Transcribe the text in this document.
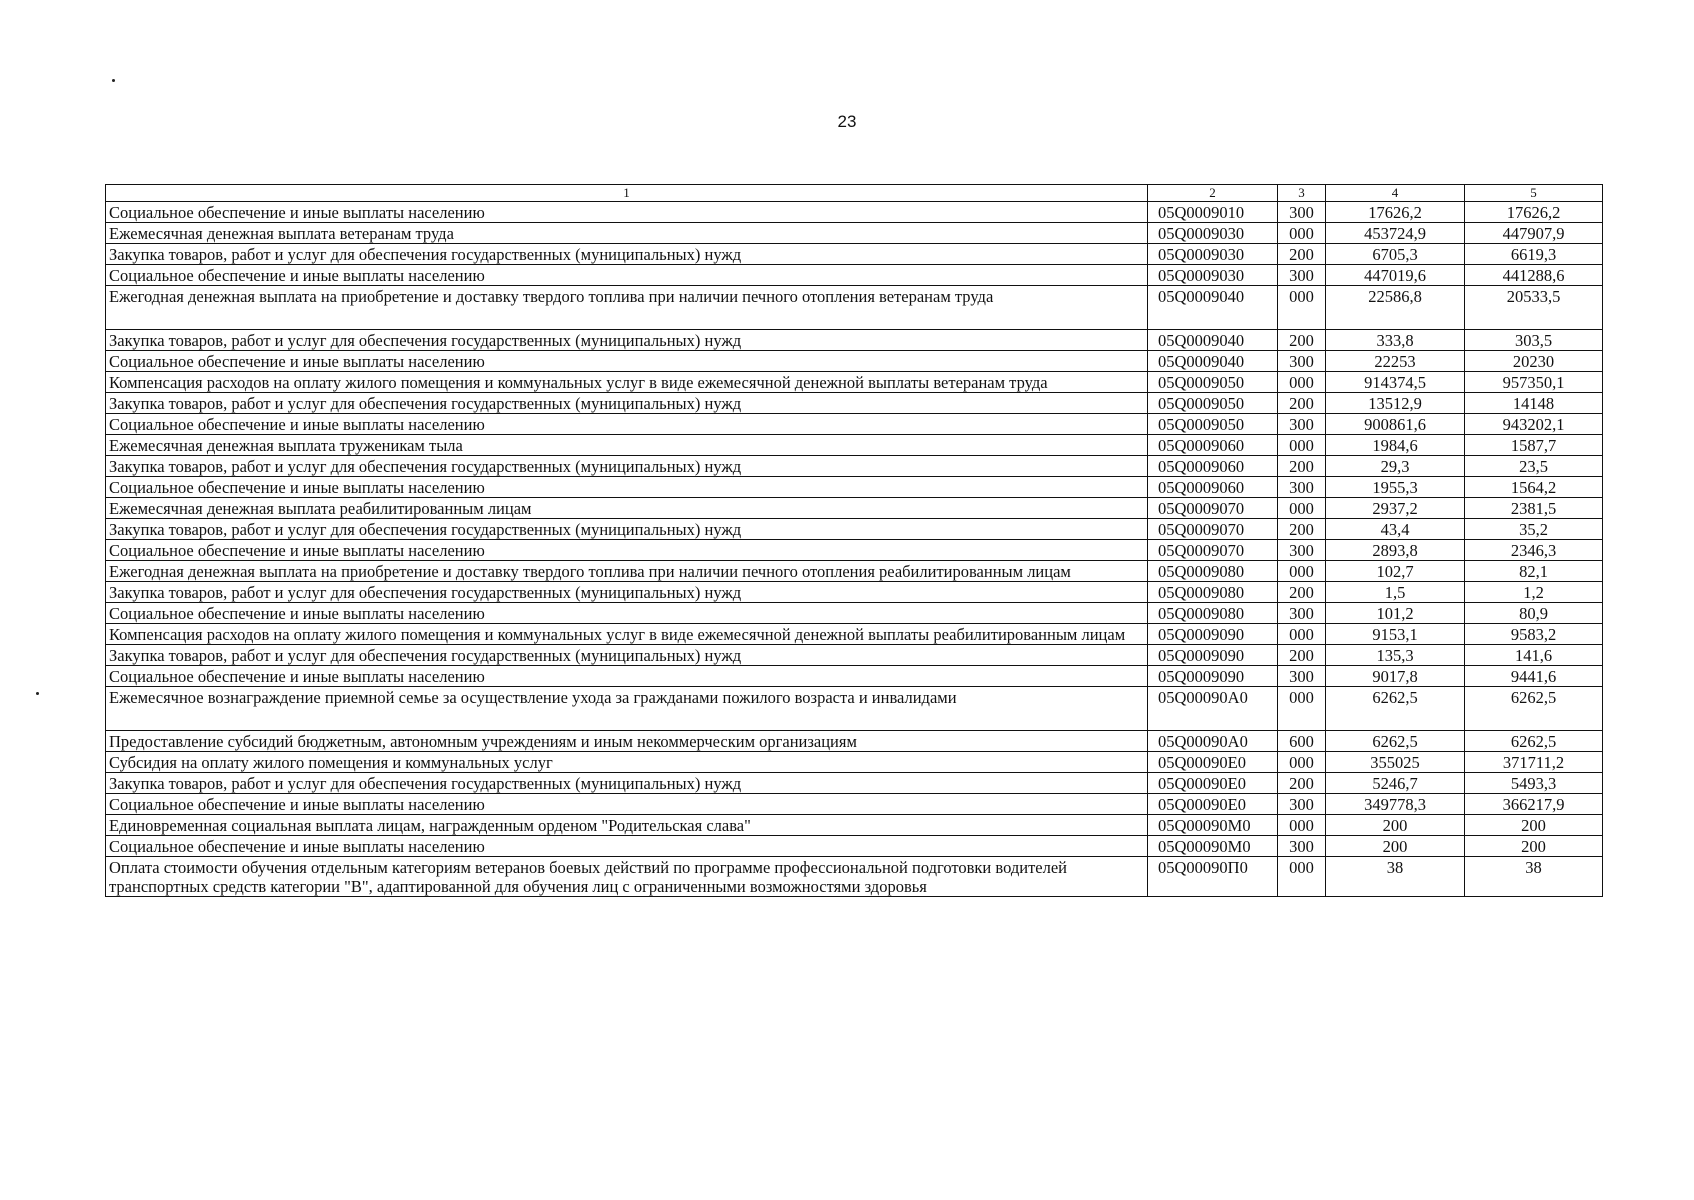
23
1	2	3	4	5
Социальное обеспечение и иные выплаты населению	05Q0009010	300	17626,2	17626,2
Ежемесячная денежная выплата ветеранам труда	05Q0009030	000	453724,9	447907,9
Закупка товаров, работ и услуг для обеспечения государственных (муниципальных) нужд	05Q0009030	200	6705,3	6619,3
Социальное обеспечение и иные выплаты населению	05Q0009030	300	447019,6	441288,6
Ежегодная денежная выплата на приобретение и доставку твердого топлива при наличии печного отопления ветеранам труда	05Q0009040	000	22586,8	20533,5
Закупка товаров, работ и услуг для обеспечения государственных (муниципальных) нужд	05Q0009040	200	333,8	303,5
Социальное обеспечение и иные выплаты населению	05Q0009040	300	22253	20230
Компенсация расходов на оплату жилого помещения и коммунальных услуг в виде ежемесячной денежной выплаты ветеранам труда	05Q0009050	000	914374,5	957350,1
Закупка товаров, работ и услуг для обеспечения государственных (муниципальных) нужд	05Q0009050	200	13512,9	14148
Социальное обеспечение и иные выплаты населению	05Q0009050	300	900861,6	943202,1
Ежемесячная денежная выплата труженикам тыла	05Q0009060	000	1984,6	1587,7
Закупка товаров, работ и услуг для обеспечения государственных (муниципальных) нужд	05Q0009060	200	29,3	23,5
Социальное обеспечение и иные выплаты населению	05Q0009060	300	1955,3	1564,2
Ежемесячная денежная выплата реабилитированным лицам	05Q0009070	000	2937,2	2381,5
Закупка товаров, работ и услуг для обеспечения государственных (муниципальных) нужд	05Q0009070	200	43,4	35,2
Социальное обеспечение и иные выплаты населению	05Q0009070	300	2893,8	2346,3
Ежегодная денежная выплата на приобретение и доставку твердого топлива при наличии печного отопления реабилитированным лицам	05Q0009080	000	102,7	82,1
Закупка товаров, работ и услуг для обеспечения государственных (муниципальных) нужд	05Q0009080	200	1,5	1,2
Социальное обеспечение и иные выплаты населению	05Q0009080	300	101,2	80,9
Компенсация расходов на оплату жилого помещения и коммунальных услуг в виде ежемесячной денежной выплаты реабилитированным лицам	05Q0009090	000	9153,1	9583,2
Закупка товаров, работ и услуг для обеспечения государственных (муниципальных) нужд	05Q0009090	200	135,3	141,6
Социальное обеспечение и иные выплаты населению	05Q0009090	300	9017,8	9441,6
Ежемесячное вознаграждение приемной семье за осуществление ухода за гражданами пожилого возраста и инвалидами	05Q00090A0	000	6262,5	6262,5
Предоставление субсидий бюджетным, автономным учреждениям и иным некоммерческим организациям	05Q00090A0	600	6262,5	6262,5
Субсидия на оплату жилого помещения и коммунальных услуг	05Q00090E0	000	355025	371711,2
Закупка товаров, работ и услуг для обеспечения государственных (муниципальных) нужд	05Q00090E0	200	5246,7	5493,3
Социальное обеспечение и иные выплаты населению	05Q00090E0	300	349778,3	366217,9
Единовременная социальная выплата лицам, награжденным орденом "Родительская слава"	05Q00090M0	000	200	200
Социальное обеспечение и иные выплаты населению	05Q00090M0	300	200	200
Оплата стоимости обучения отдельным категориям ветеранов боевых действий по программе профессиональной подготовки водителей транспортных средств категории "В", адаптированной для обучения лиц с ограниченными возможностями здоровья	05Q00090П0	000	38	38
